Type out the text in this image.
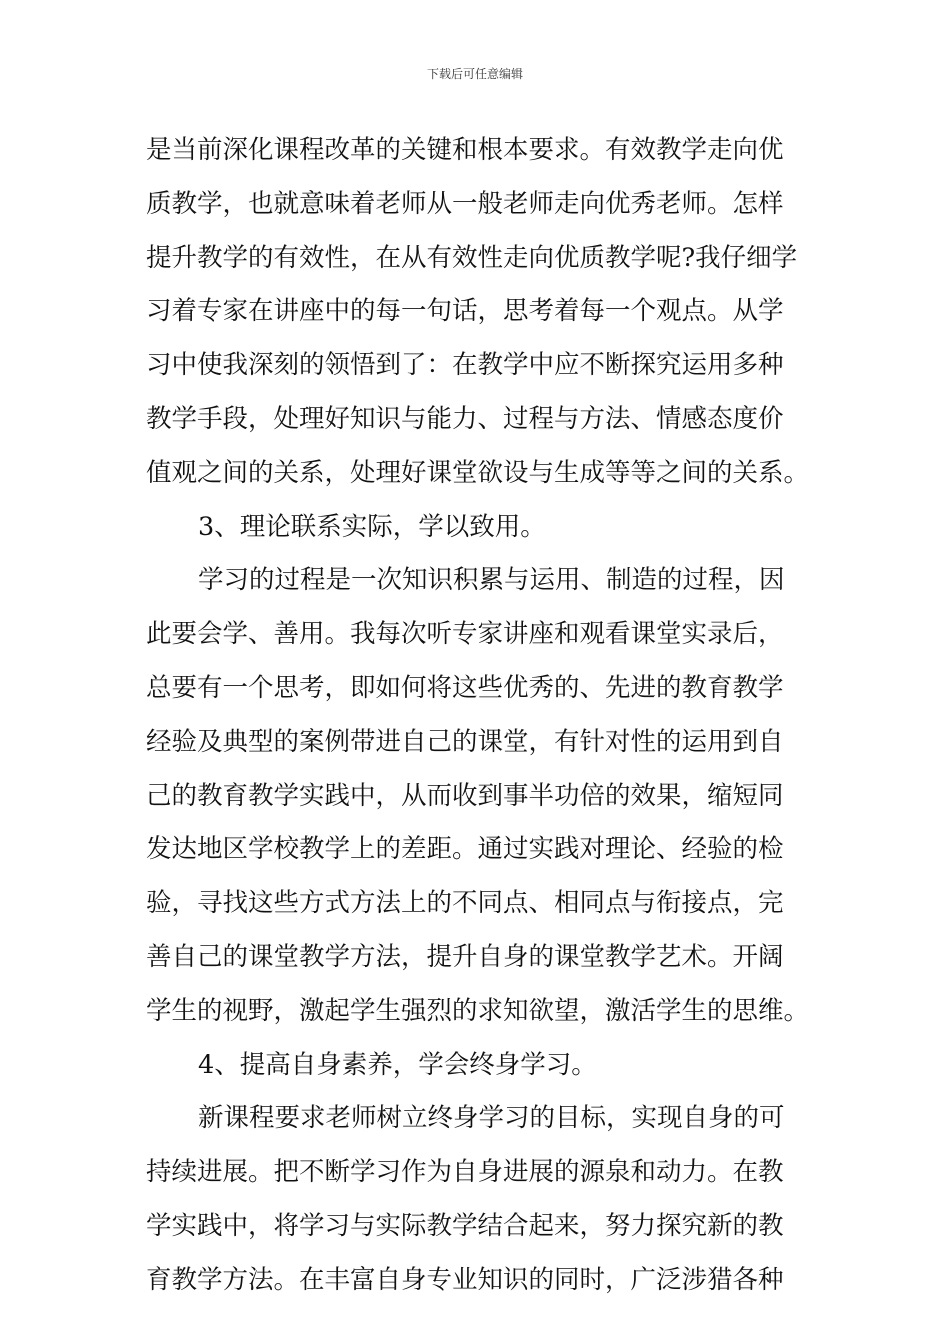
下载后可任意编辑
是当前深化课程改革的关键和根本要求。有效教学走向优
质教学，也就意味着老师从一般老师走向优秀老师。怎样
提升教学的有效性，在从有效性走向优质教学呢?我仔细学
习着专家在讲座中的每一句话，思考着每一个观点。从学
习中使我深刻的领悟到了：在教学中应不断探究运用多种
教学手段，处理好知识与能力、过程与方法、情感态度价
值观之间的关系，处理好课堂欲设与生成等等之间的关系。
3、理论联系实际，学以致用。
学习的过程是一次知识积累与运用、制造的过程，因
此要会学、善用。我每次听专家讲座和观看课堂实录后，
总要有一个思考，即如何将这些优秀的、先进的教育教学
经验及典型的案例带进自己的课堂，有针对性的运用到自
己的教育教学实践中，从而收到事半功倍的效果，缩短同
发达地区学校教学上的差距。通过实践对理论、经验的检
验，寻找这些方式方法上的不同点、相同点与衔接点，完
善自己的课堂教学方法，提升自身的课堂教学艺术。开阔
学生的视野，激起学生强烈的求知欲望，激活学生的思维。
4、提高自身素养，学会终身学习。
新课程要求老师树立终身学习的目标，实现自身的可
持续进展。把不断学习作为自身进展的源泉和动力。在教
学实践中，将学习与实际教学结合起来，努力探究新的教
育教学方法。在丰富自身专业知识的同时，广泛涉猎各种
